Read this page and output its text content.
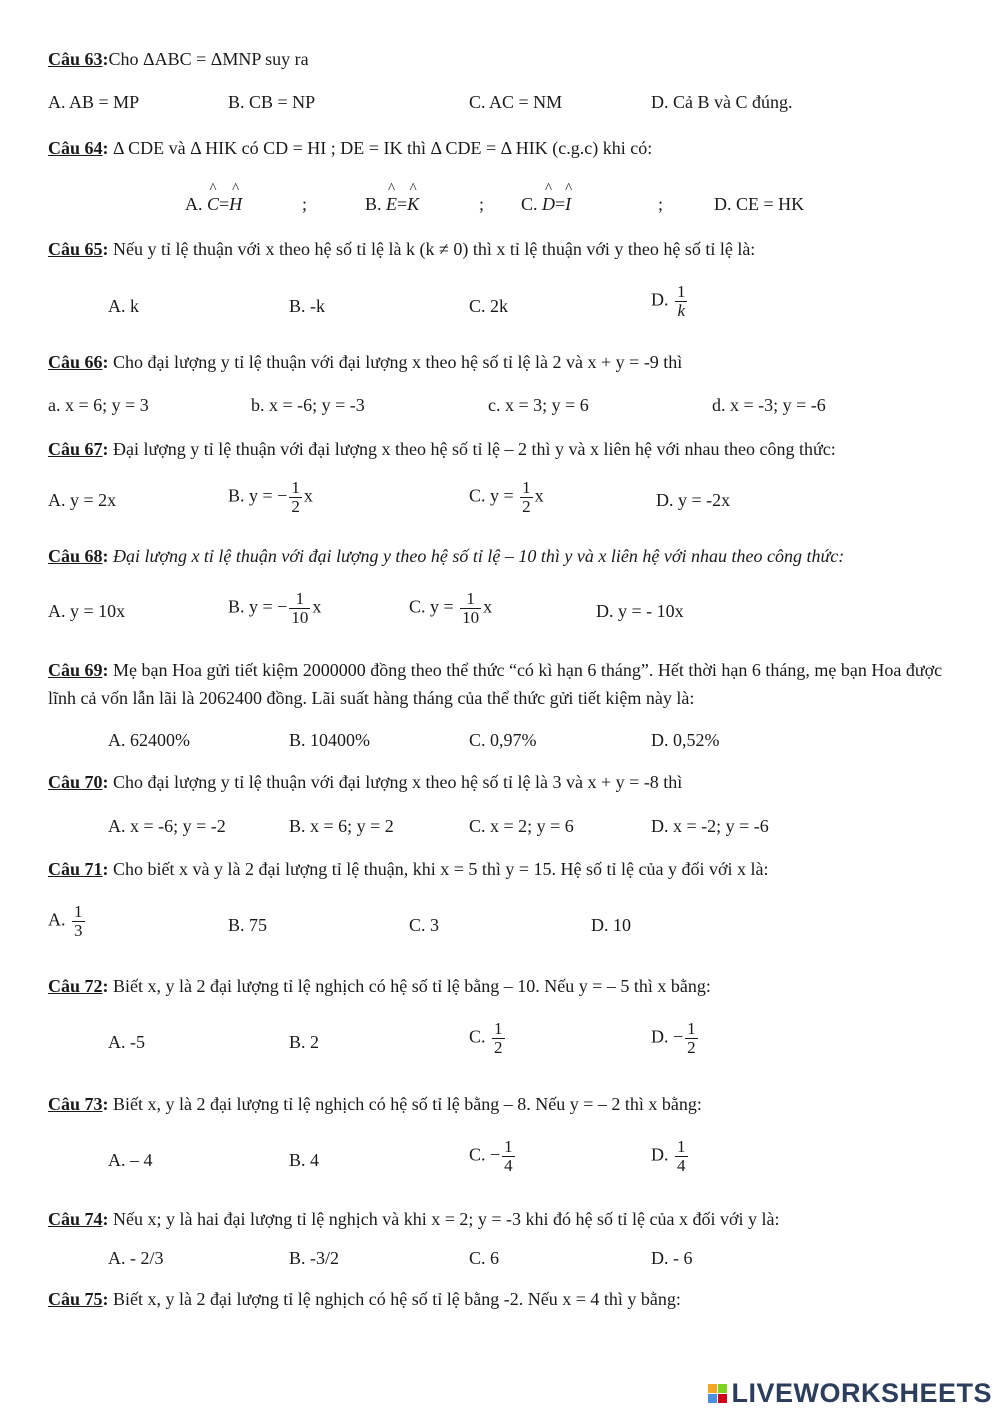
Câu 63:Cho ΔABC = ΔMNP suy ra
A. AB = MP	B. CB = NP	C. AC = NM	D. Cả B và C đúng.
Câu 64: Δ CDE và Δ HIK có CD = HI ; DE = IK thì Δ CDE = Δ HIK (c.g.c) khi có:
A. ^ C=^ H	;	B. ^ E=^ K	; C. ^ D=^ I	;	D. CE = HK
Câu 65: Nếu y tỉ lệ thuận với x theo hệ số tỉ lệ là k (k ≠ 0) thì x tỉ lệ thuận với y theo hệ số tỉ lệ là:
A. k	B. -k	C. 2k	D. $\frac{1}{k}$
Câu 66: Cho đại lượng y tỉ lệ thuận với đại lượng x theo hệ số tỉ lệ là 2 và x + y = -9 thì
a. x = 6; y = 3	b. x = -6; y = -3	c. x = 3; y = 6	d. x = -3; y = -6
Câu 67: Đại lượng y tỉ lệ thuận với đại lượng x theo hệ số tỉ lệ – 2 thì y và x liên hệ với nhau theo công thức:
A. y = 2x	B. y = − $\frac{1}{2}$ x	C. $y = \frac{1}{2}$ x	D. y = -2x
Câu 68: Đại lượng x tỉ lệ thuận với đại lượng y theo hệ số tỉ lệ – 10 thì y và x liên hệ với nhau theo công thức:
A. y = 10x	B. y = − $\frac{1}{10}$ x	C. $y = \frac{1}{10}$ x	D. y = - 10x
Câu 69: Mẹ bạn Hoa gửi tiết kiệm 2000000 đồng theo thể thức “có kì hạn 6 tháng”. Hết thời hạn 6 tháng, mẹ bạn Hoa được lĩnh cả vốn lẫn lãi là 2062400 đồng. Lãi suất hàng tháng của thể thức gửi tiết kiệm này là:
A. 62400%	B. 10400%	C. 0,97%	D. 0,52%
Câu 70: Cho đại lượng y tỉ lệ thuận với đại lượng x theo hệ số tỉ lệ là 3 và x + y = -8 thì
A. x = -6; y = -2	B. x = 6; y = 2	C. x = 2; y = 6	D. x = -2; y = -6
Câu 71: Cho biết x và y là 2 đại lượng tỉ lệ thuận, khi x = 5 thì y = 15. Hệ số tỉ lệ của y đối với x là:
A. $\frac{1}{3}$	B. 75	C. 3	D. 10
Câu 72: Biết x, y là 2 đại lượng tỉ lệ nghịch có hệ số tỉ lệ bằng – 10. Nếu y = – 5 thì x bằng:
A. -5	B. 2	C. $\frac{1}{2}$	D. − $\frac{1}{2}$
Câu 73: Biết x, y là 2 đại lượng tỉ lệ nghịch có hệ số tỉ lệ bằng – 8. Nếu y = – 2 thì x bằng:
A. – 4	B. 4	C. − $\frac{1}{4}$	D. $\frac{1}{4}$
Câu 74: Nếu x; y là hai đại lượng tỉ lệ nghịch và khi x = 2; y = -3 khi đó hệ số tỉ lệ của x đối với y là:
A. - 2/3	B. -3/2	C. 6	D. - 6
Câu 75: Biết x, y là 2 đại lượng tỉ lệ nghịch có hệ số tỉ lệ bằng -2. Nếu x = 4 thì y bằng:
LIVEWORKSHEETS
